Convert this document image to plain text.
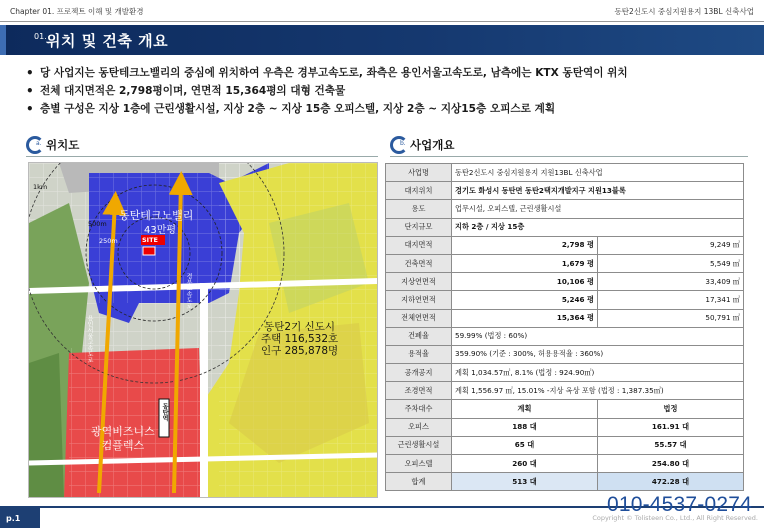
Chapter 01. 프로젝트 이해 및 개발환경	동탄2신도시 중심지원용지 13BL 신축사업
01. 위치 및 건축 개요
• 당 사업지는 동탄테크노밸리의 중심에 위치하여 우측은 경부고속도로, 좌측은 용인서울고속도로, 남측에는 KTX 동탄역이 위치
• 전체 대지면적은 2,798평이며, 연면적 15,364평의 대형 건축물
• 층별 구성은 지상 1층에 근린생활시설, 지상 2층 ~ 지상 15층 오피스텔, 지상 2층 ~ 지상15층 오피스로 계획
a. 위치도
1km
500m
250m	SITE
동탄테크노밸리
43만평
경부고속도로
용인서울고속도로	동탄2기 신도시
주택 116,532호
인구 285,878명
광역비즈니스
컴플렉스
동탄역
b. 사업개요
사업명	동탄2신도시 중심지원용지 지원13BL 신축사업	
대지위치	경기도 화성시 동탄면 동탄2택지개발지구 지원13블록	
용도	업무시설, 오피스텔, 근린생활시설	
단지규모	지하 2층 / 지상 15층	
대지면적	2,798 평	9,249 ㎡
건축면적	1,679 평	5,549 ㎡
지상연면적	10,106 평	33,409 ㎡
지하연면적	5,246 평	17,341 ㎡
전체연면적	15,364 평	50,791 ㎡
건폐율	59.99% (법정 : 60%)	
용적율	359.90% (기준 : 300%, 허용용적율 : 360%)	
공개공지	계획 1,034.57㎡, 8.1% (법정 : 924.90㎡)	
조경면적	계획 1,556.97 ㎡, 15.01% -지상 옥상 포함 (법정 : 1,387.35㎡)	
주차대수	계획	법정
오피스	188 대	161.91 대
근린생활시설	65 대	55.57 대
오피스텔	260 대	254.80 대
합계	513 대	472.28 대
p.1
010-4537-0274
Copyright © Tolisteen Co., Ltd., All Right Reserved.
